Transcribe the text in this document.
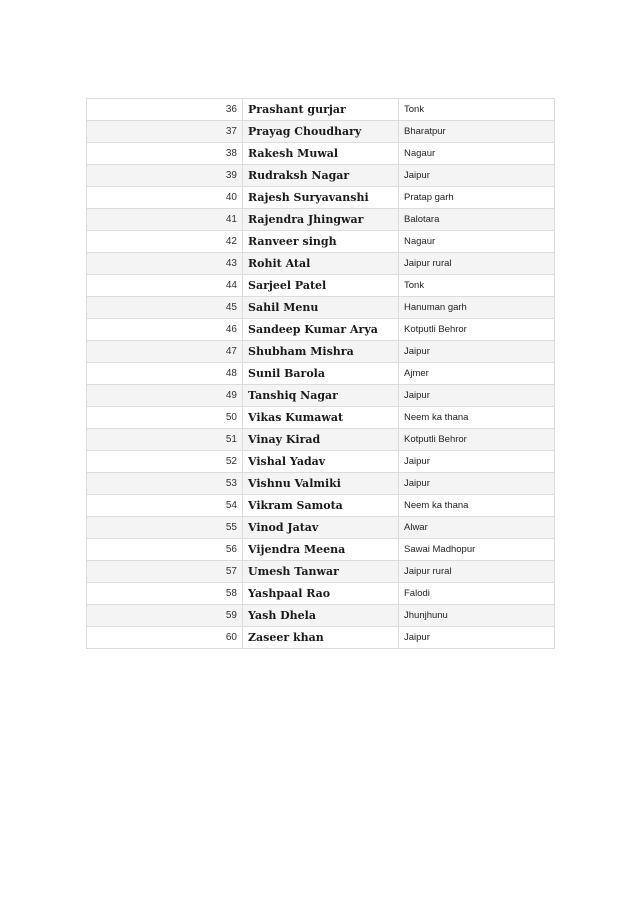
36	Prashant gurjar	Tonk
37	Prayag Choudhary	Bharatpur
38	Rakesh Muwal	Nagaur
39	Rudraksh Nagar	Jaipur
40	Rajesh Suryavanshi	Pratap garh
41	Rajendra Jhingwar	Balotara
42	Ranveer singh	Nagaur
43	Rohit Atal	Jaipur rural
44	Sarjeel Patel	Tonk
45	Sahil Menu	Hanuman garh
46	Sandeep Kumar Arya	Kotputli Behror
47	Shubham Mishra	Jaipur
48	Sunil Barola	Ajmer
49	Tanshiq Nagar	Jaipur
50	Vikas Kumawat	Neem ka thana
51	Vinay Kirad	Kotputli Behror
52	Vishal Yadav	Jaipur
53	Vishnu Valmiki	Jaipur
54	Vikram Samota	Neem ka thana
55	Vinod Jatav	Alwar
56	Vijendra Meena	Sawai Madhopur
57	Umesh Tanwar	Jaipur rural
58	Yashpaal Rao	Falodi
59	Yash Dhela	Jhunjhunu
60	Zaseer khan	Jaipur
